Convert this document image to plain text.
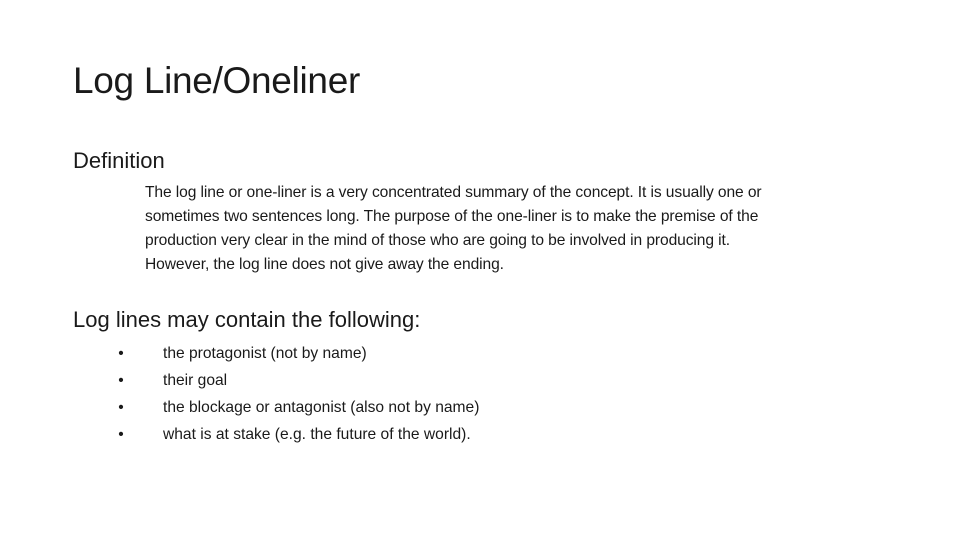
Log Line/Oneliner
Definition
The log line or one-liner is a very concentrated summary of the concept. It is usually one or
sometimes two sentences long. The purpose of the one-liner is to make the premise of the
production very clear in the mind of those who are going to be involved in producing it.
However, the log line does not give away the ending.
Log lines may contain the following:
•	the protagonist (not by name)
•	their goal
•	the blockage or antagonist (also not by name)
•	what is at stake (e.g. the future of the world).
